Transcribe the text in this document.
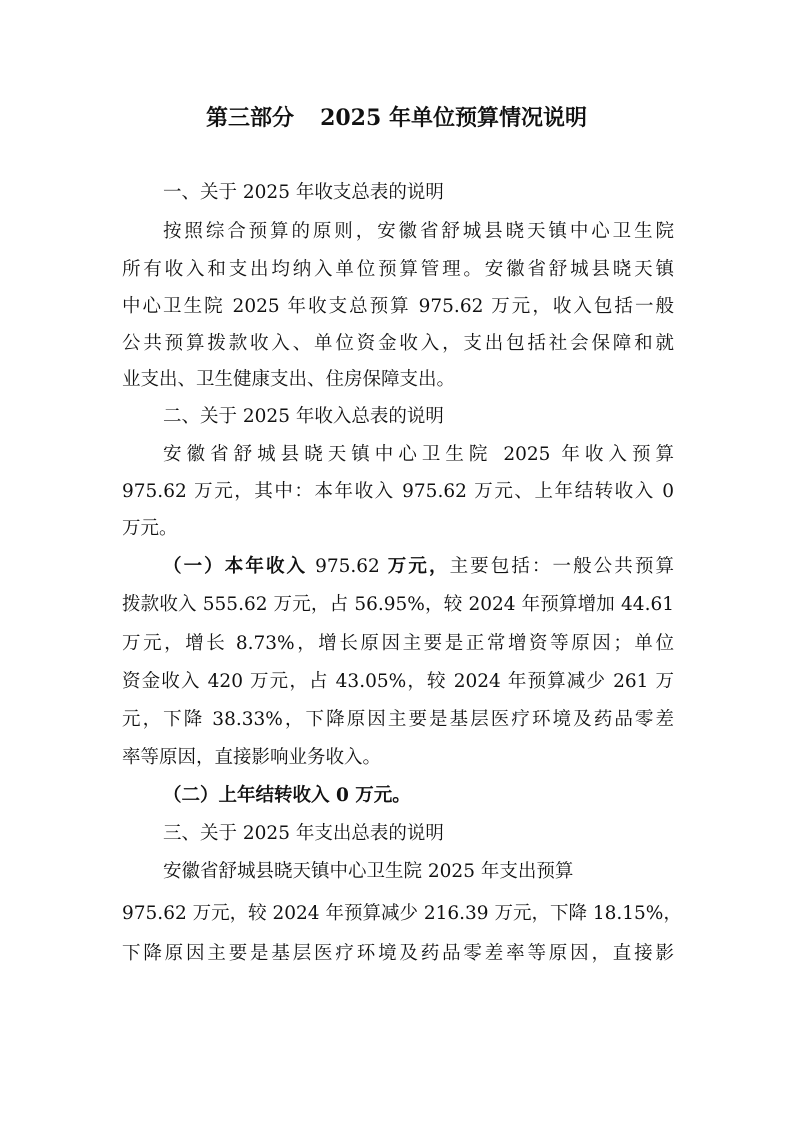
第三部分 2025 年单位预算情况说明
一、关于 2025 年收支总表的说明
按照综合预算的原则，安徽省舒城县晓天镇中心卫生院
所有收入和支出均纳入单位预算管理。安徽省舒城县晓天镇
中心卫生院 2025 年收支总预算 975.62 万元，收入包括一般
公共预算拨款收入、单位资金收入，支出包括社会保障和就
业支出、卫生健康支出、住房保障支出。
二、关于 2025 年收入总表的说明
安徽省舒城县晓天镇中心卫生院 2025 年收入预算
975.62 万元，其中：本年收入 975.62 万元、上年结转收入 0
万元。
（一）本年收入 975.62 万元，主要包括：一般公共预算
拨款收入 555.62 万元，占 56.95%，较 2024 年预算增加 44.61
万元，增长 8.73%，增长原因主要是正常增资等原因；单位
资金收入 420 万元，占 43.05%，较 2024 年预算减少 261 万
元，下降 38.33%，下降原因主要是基层医疗环境及药品零差
率等原因，直接影响业务收入。
（二）上年结转收入 0 万元。
三、关于 2025 年支出总表的说明
安徽省舒城县晓天镇中心卫生院 2025 年支出预算
975.62 万元，较 2024 年预算减少 216.39 万元，下降 18.15%，
下降原因主要是基层医疗环境及药品零差率等原因，直接影
